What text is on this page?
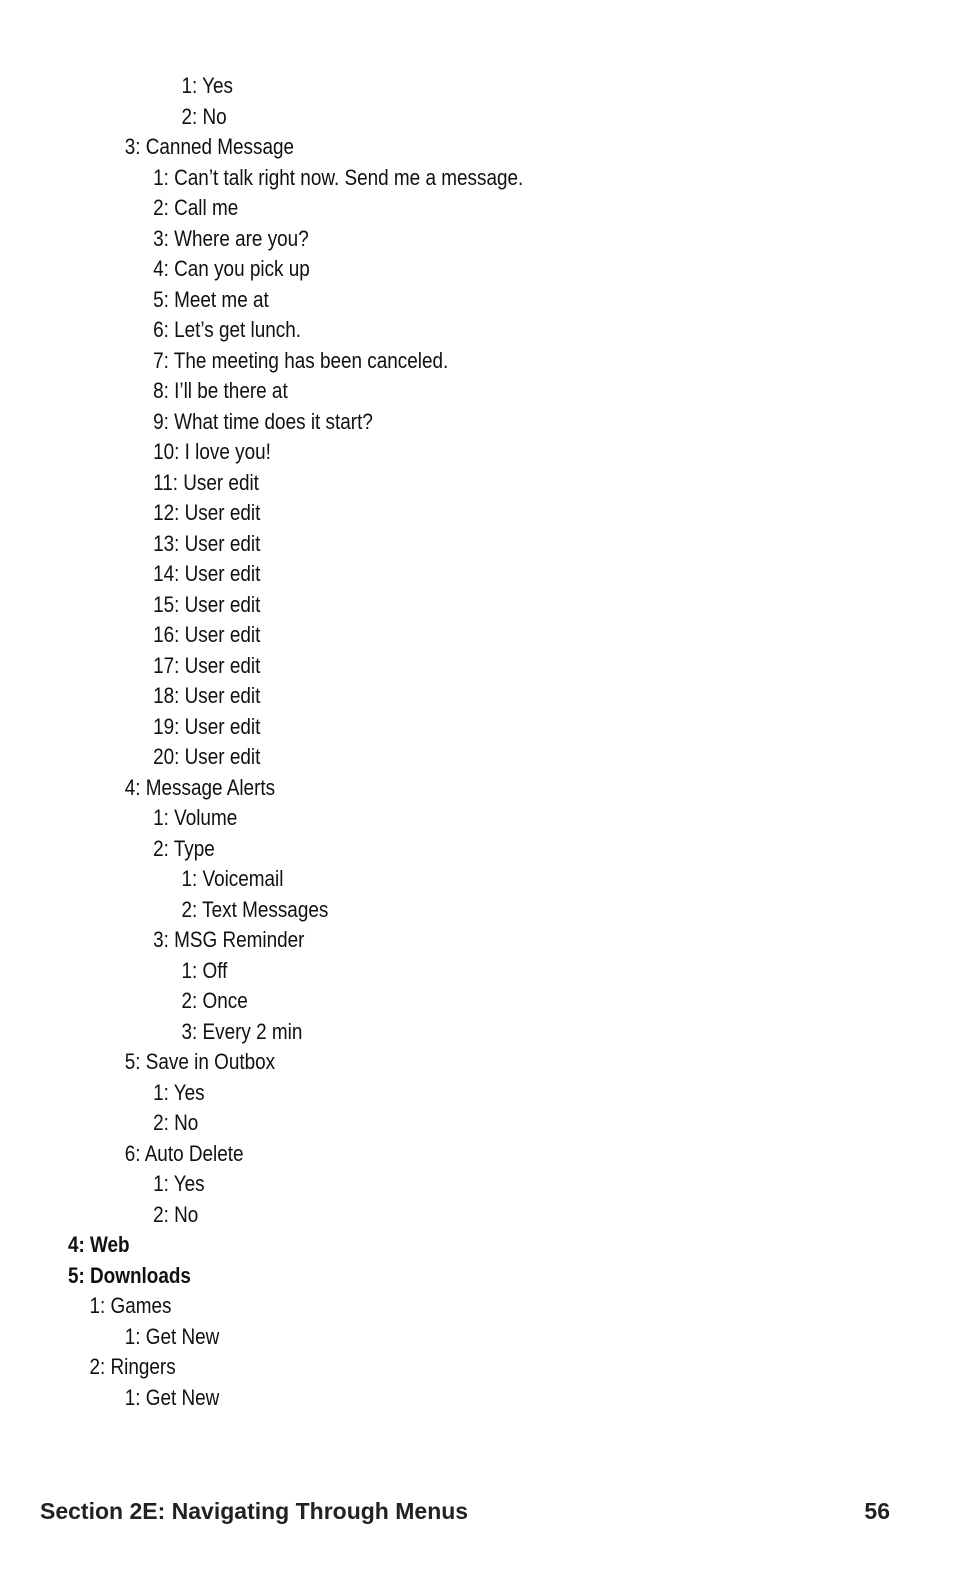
1: Yes
2: No
3: Canned Message
1: Can’t talk right now. Send me a message.
2: Call me
3: Where are you?
4: Can you pick up
5: Meet me at
6: Let’s get lunch.
7: The meeting has been canceled.
8: I’ll be there at
9: What time does it start?
10: I love you!
11: User edit
12: User edit
13: User edit
14: User edit
15: User edit
16: User edit
17: User edit
18: User edit
19: User edit
20: User edit
4: Message Alerts
1: Volume
2: Type
1: Voicemail
2: Text Messages
3: MSG Reminder
1: Off
2: Once
3: Every 2 min
5: Save in Outbox
1: Yes
2: No
6: Auto Delete
1: Yes
2: No
4: Web
5: Downloads
1: Games
1: Get New
2: Ringers
1: Get New
Section 2E: Navigating Through Menus	56
